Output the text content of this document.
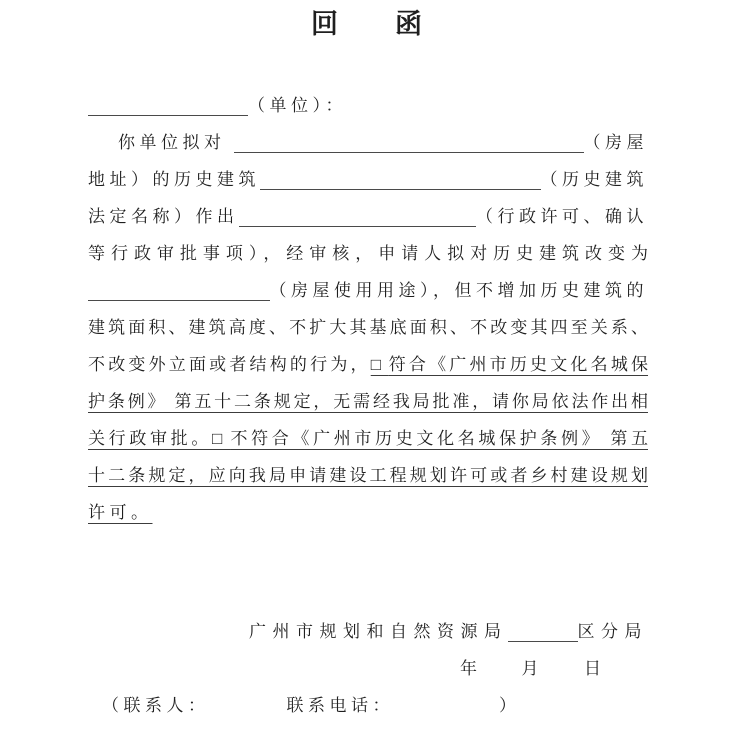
回　　函
（单位）：
你单位拟对	（房屋
地址）的历史建筑	（历史建筑
法定名称）作出	（行政许可、确认
等行政审批事项），经审核，申请人拟对历史建筑改变为
（房屋使用用途），但不增加历史建筑的
建筑面积、建筑高度、不扩大其基底面积、不改变其四至关系、
不改变外立面或者结构的行为，□符合《广州市历史文化名城保
护条例》 第五十二条规定，无需经我局批准，请你局依法作出相
关行政审批。□不符合《广州市历史文化名城保护条例》 第五
十二条规定，应向我局申请建设工程规划许可或者乡村建设规划
许可。
广州市规划和自然资源局	区分局
年 月 日
（联系人：	联系电话：	）
